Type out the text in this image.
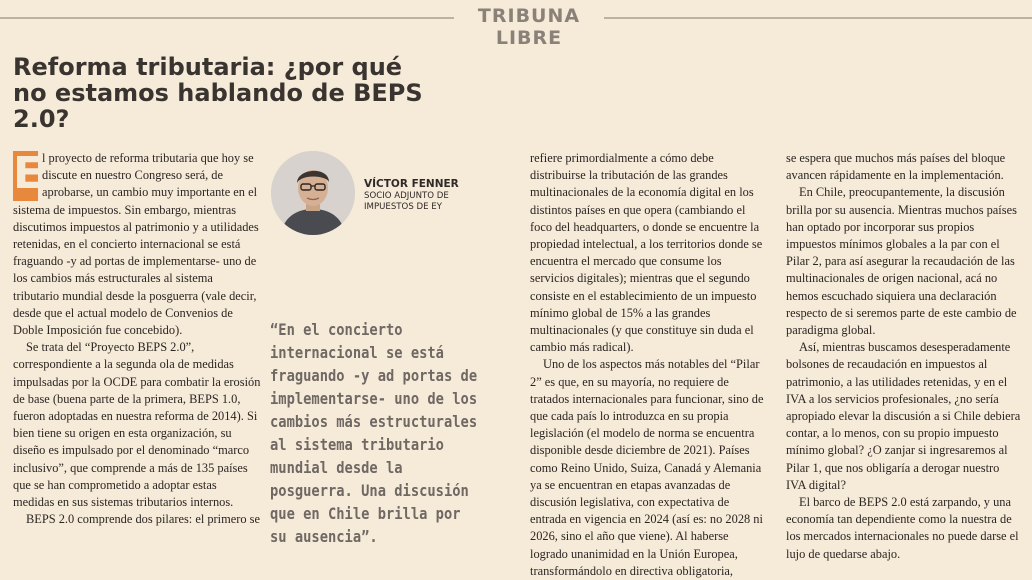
TRIBUNA LIBRE
Reforma tributaria: ¿por qué no estamos hablando de BEPS 2.0?
E

l proyecto de reforma tributaria que hoy se discute en nuestro Congreso será, de aprobarse, un cambio muy importante en el sistema de impuestos. Sin embargo, mientras discutimos impuestos al patrimonio y a utilidades retenidas, en el concierto internacional se está fraguando -y ad portas de implementarse- uno de los cambios más estructurales al sistema tributario mundial desde la posguerra (vale decir, desde que el actual modelo de Convenios de Doble Imposición fue concebido).

Se trata del “Proyecto BEPS 2.0”, correspondiente a la segunda ola de medidas impulsadas por la OCDE para combatir la erosión de base (buena parte de la primera, BEPS 1.0, fueron adoptadas en nuestra reforma de 2014). Si bien tiene su origen en esta organización, su diseño es impulsado por el denominado “marco inclusivo”, que comprende a más de 135 países que se han comprometido a adoptar estas medidas en sus sistemas tributarios internos.

BEPS 2.0 comprende dos pilares: el primero se

VÍCTOR FENNER
SOCIO ADJUNTO DE
IMPUESTOS DE EY

“En el concierto internacional se está fraguando -y ad portas de implementarse- uno de los cambios más estructurales al sistema tributario mundial desde la posguerra. Una discusión que en Chile brilla por su ausencia”.

refiere primordialmente a cómo debe distribuirse la tributación de las grandes multinacionales de la economía digital en los distintos países en que opera (cambiando el foco del headquarters, o donde se encuentre la propiedad intelectual, a los territorios donde se encuentra el mercado que consume los servicios digitales); mientras que el segundo consiste en el establecimiento de un impuesto mínimo global de 15% a las grandes multinacionales (y que constituye sin duda el cambio más radical).

Uno de los aspectos más notables del “Pilar 2” es que, en su mayoría, no requiere de tratados internacionales para funcionar, sino de que cada país lo introduzca en su propia legislación (el modelo de norma se encuentra disponible desde diciembre de 2021). Países como Reino Unido, Suiza, Canadá y Alemania ya se encuentran en etapas avanzadas de discusión legislativa, con expectativa de entrada en vigencia en 2024 (así es: no 2028 ni 2026, sino el año que viene). Al haberse logrado unanimidad en la Unión Europea, transformándolo en directiva obligatoria,

se espera que muchos más países del bloque avancen rápidamente en la implementación.

En Chile, preocupantemente, la discusión brilla por su ausencia. Mientras muchos países han optado por incorporar sus propios impuestos mínimos globales a la par con el Pilar 2, para así asegurar la recaudación de las multinacionales de origen nacional, acá no hemos escuchado siquiera una declaración respecto de si seremos parte de este cambio de paradigma global.

Así, mientras buscamos desesperadamente bolsones de recaudación en impuestos al patrimonio, a las utilidades retenidas, y en el IVA a los servicios profesionales, ¿no sería apropiado elevar la discusión a si Chile debiera contar, a lo menos, con su propio impuesto mínimo global? ¿O zanjar si ingresaremos al Pilar 1, que nos obligaría a derogar nuestro IVA digital?

El barco de BEPS 2.0 está zarpando, y una economía tan dependiente como la nuestra de los mercados internacionales no puede darse el lujo de quedarse abajo.
